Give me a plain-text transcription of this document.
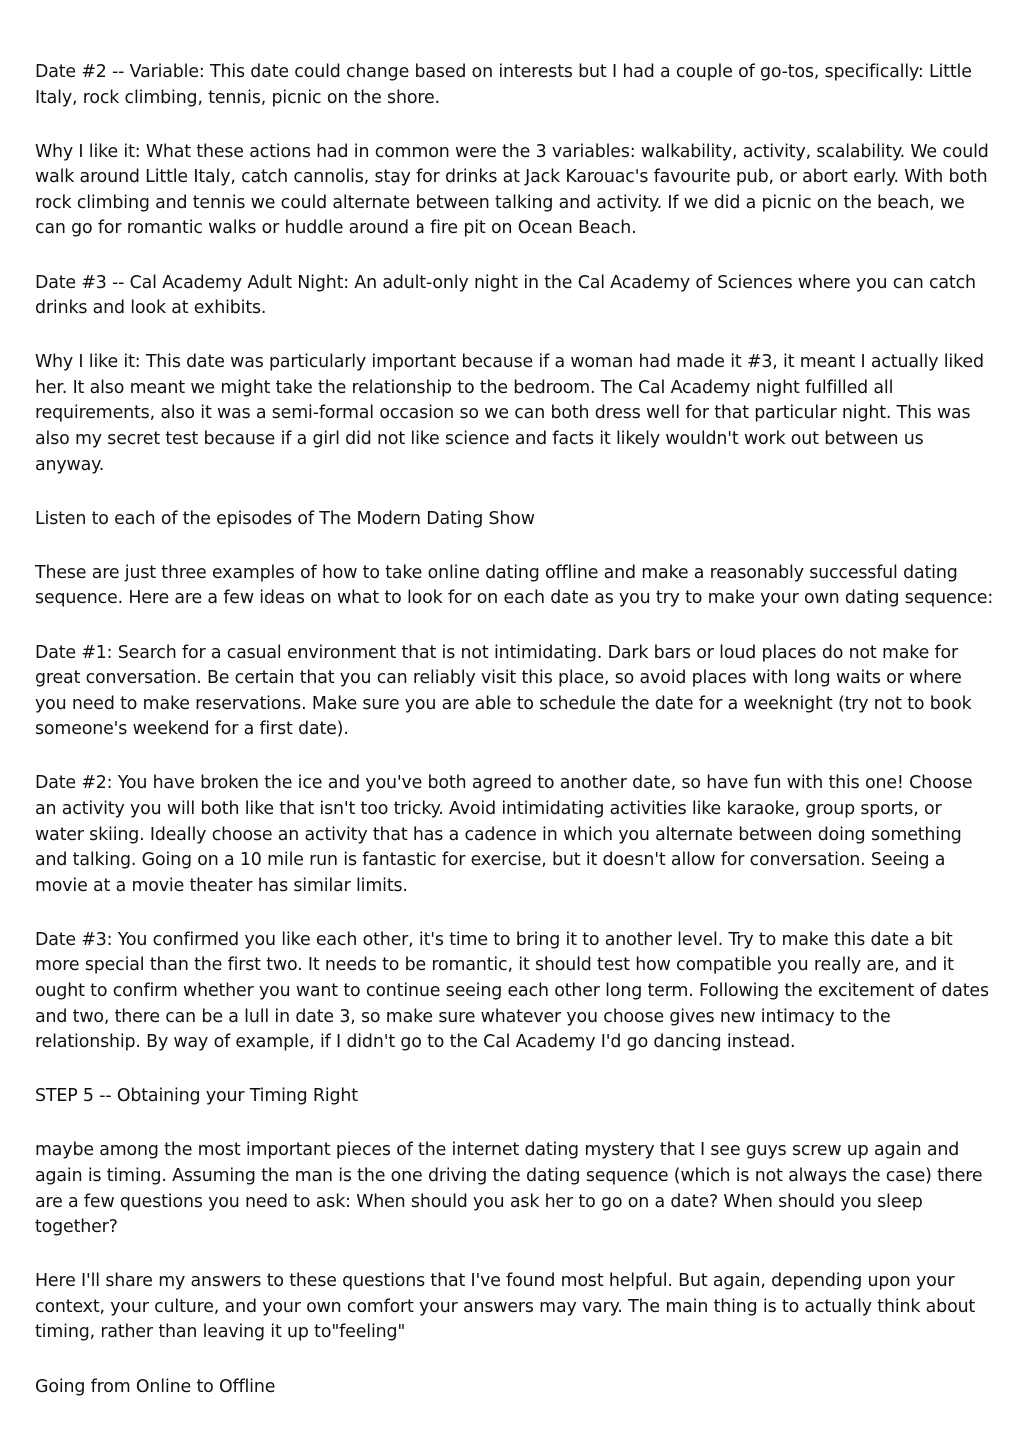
Date #2 -- Variable: This date could change based on interests but I had a couple of go-tos, specifically: Little Italy, rock climbing, tennis, picnic on the shore.

Why I like it: What these actions had in common were the 3 variables: walkability, activity, scalability. We could walk around Little Italy, catch cannolis, stay for drinks at Jack Karouac's favourite pub, or abort early. With both rock climbing and tennis we could alternate between talking and activity. If we did a picnic on the beach, we can go for romantic walks or huddle around a fire pit on Ocean Beach.

Date #3 -- Cal Academy Adult Night: An adult-only night in the Cal Academy of Sciences where you can catch drinks and look at exhibits.

Why I like it: This date was particularly important because if a woman had made it #3, it meant I actually liked her. It also meant we might take the relationship to the bedroom. The Cal Academy night fulfilled all requirements, also it was a semi-formal occasion so we can both dress well for that particular night. This was also my secret test because if a girl did not like science and facts it likely wouldn't work out between us anyway.

Listen to each of the episodes of The Modern Dating Show

These are just three examples of how to take online dating offline and make a reasonably successful dating sequence. Here are a few ideas on what to look for on each date as you try to make your own dating sequence:

Date #1: Search for a casual environment that is not intimidating. Dark bars or loud places do not make for great conversation. Be certain that you can reliably visit this place, so avoid places with long waits or where you need to make reservations. Make sure you are able to schedule the date for a weeknight (try not to book someone's weekend for a first date).

Date #2: You have broken the ice and you've both agreed to another date, so have fun with this one! Choose an activity you will both like that isn't too tricky. Avoid intimidating activities like karaoke, group sports, or water skiing. Ideally choose an activity that has a cadence in which you alternate between doing something and talking. Going on a 10 mile run is fantastic for exercise, but it doesn't allow for conversation. Seeing a movie at a movie theater has similar limits.

Date #3: You confirmed you like each other, it's time to bring it to another level. Try to make this date a bit more special than the first two. It needs to be romantic, it should test how compatible you really are, and it ought to confirm whether you want to continue seeing each other long term. Following the excitement of dates and two, there can be a lull in date 3, so make sure whatever you choose gives new intimacy to the relationship. By way of example, if I didn't go to the Cal Academy I'd go dancing instead.

STEP 5 -- Obtaining your Timing Right

maybe among the most important pieces of the internet dating mystery that I see guys screw up again and again is timing. Assuming the man is the one driving the dating sequence (which is not always the case) there are a few questions you need to ask: When should you ask her to go on a date? When should you sleep together?

Here I'll share my answers to these questions that I've found most helpful. But again, depending upon your context, your culture, and your own comfort your answers may vary. The main thing is to actually think about timing, rather than leaving it up to"feeling"

Going from Online to Offline
